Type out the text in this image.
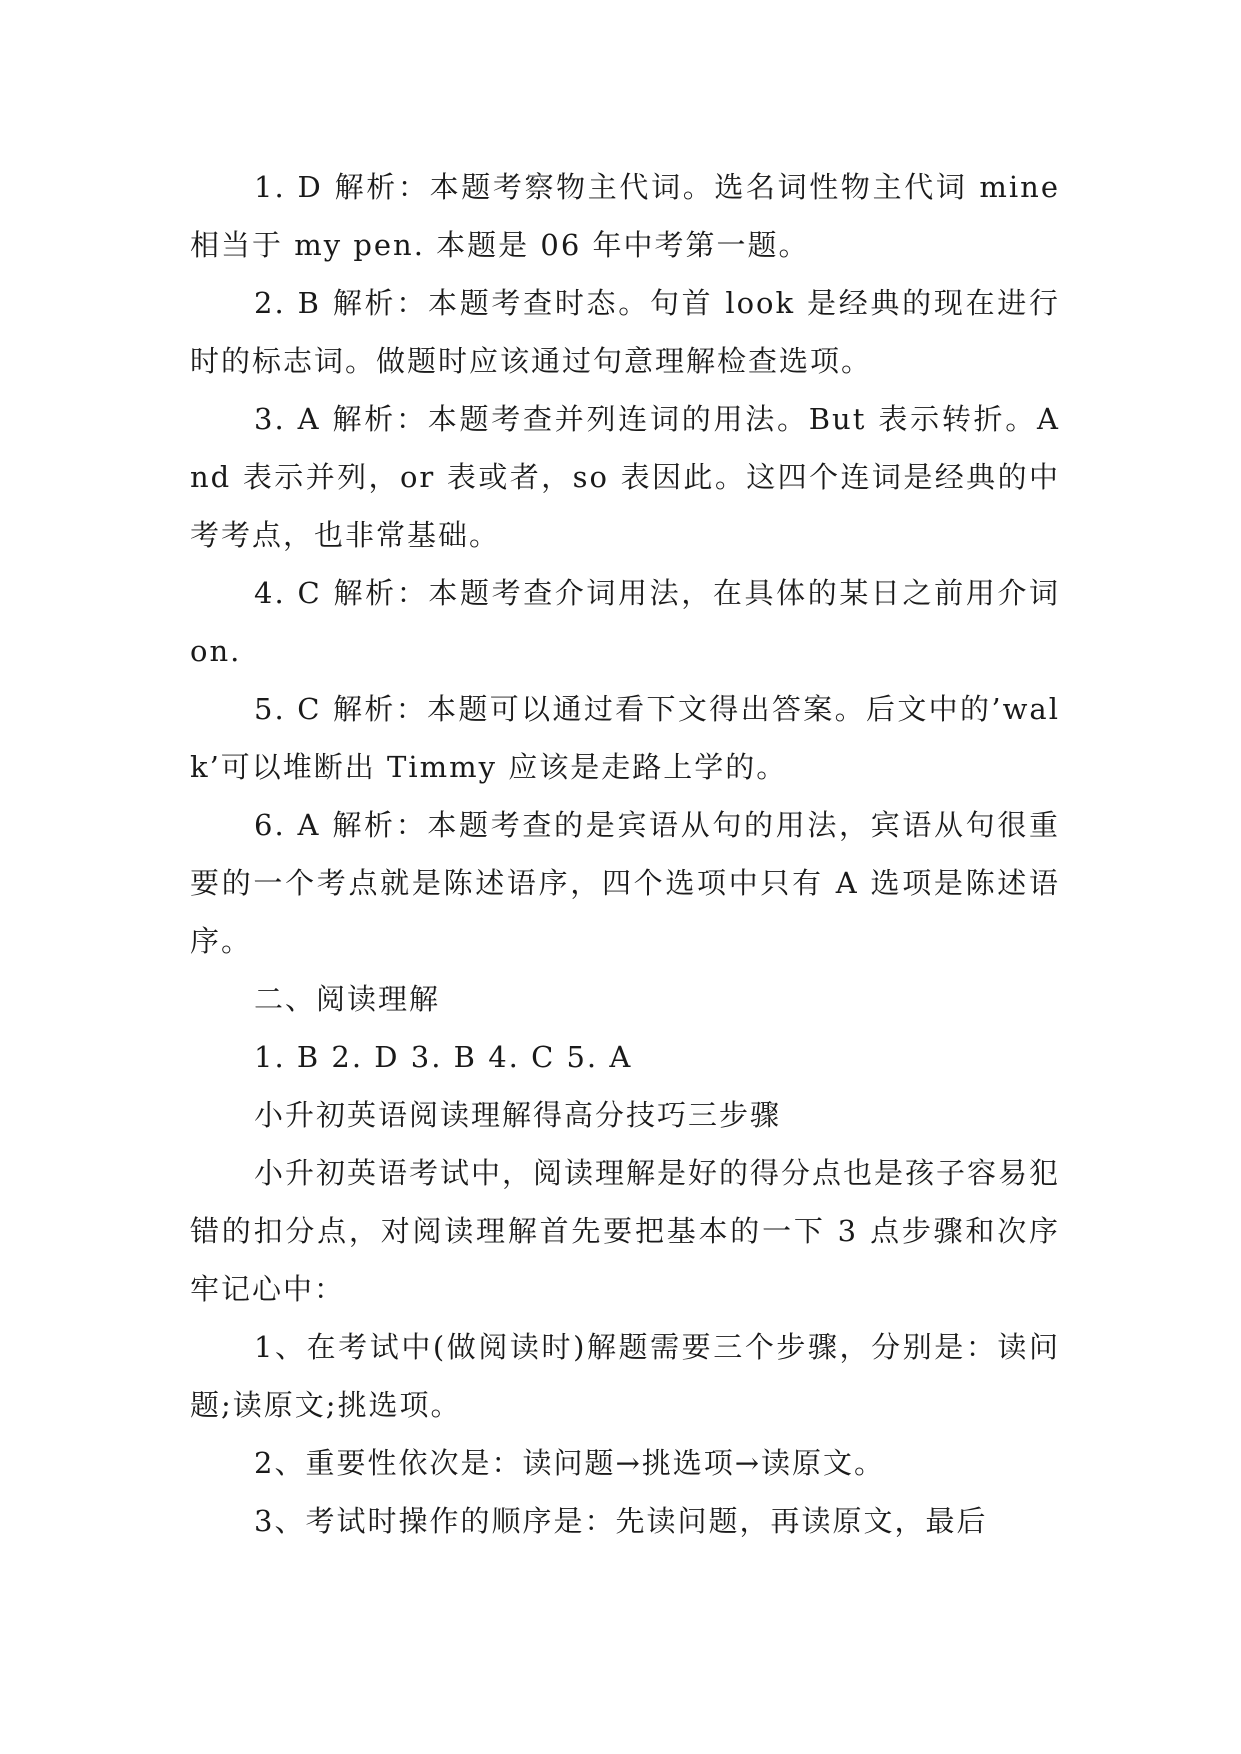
1. D 解析：本题考察物主代词。选名词性物主代词 mine 相当于 my pen. 本题是 06 年中考第一题。

2. B 解析：本题考查时态。句首 look 是经典的现在进行时的标志词。做题时应该通过句意理解检查选项。

3. A 解析：本题考查并列连词的用法。But 表示转折。And 表示并列，or 表或者，so 表因此。这四个连词是经典的中考考点，也非常基础。

4. C 解析：本题考查介词用法，在具体的某日之前用介词 on.

5. C 解析：本题可以通过看下文得出答案。后文中的’walk’可以堆断出 Timmy 应该是走路上学的。

6. A 解析：本题考查的是宾语从句的用法，宾语从句很重要的一个考点就是陈述语序，四个选项中只有 A 选项是陈述语序。

二、阅读理解

1. B 2. D 3. B 4. C 5. A

小升初英语阅读理解得高分技巧三步骤

小升初英语考试中，阅读理解是好的得分点也是孩子容易犯错的扣分点，对阅读理解首先要把基本的一下 3 点步骤和次序牢记心中：

1、在考试中(做阅读时)解题需要三个步骤，分别是：读问题;读原文;挑选项。

2、重要性依次是：读问题→挑选项→读原文。

3、考试时操作的顺序是：先读问题，再读原文，最后
